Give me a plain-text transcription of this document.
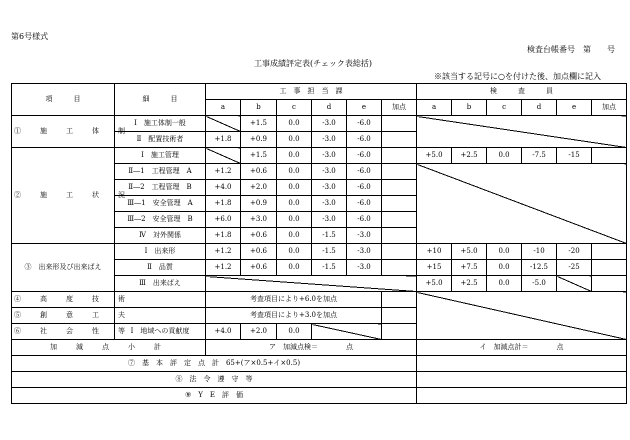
第6号様式
検査台帳番号　第　　号
工事成績評定表(チェック表総括)
※該当する記号に○を付けた後、加点欄に記入
項　　　目	細　　　目	工　事　担　当　課						検　　　査　　　員					
		a	b	c	d	e	加点	a	b	c	d	e	加点
①　施　工　体　制	Ⅰ　施工体制一般		+1.5	0.0	-3.0	-6.0							
	Ⅱ　配置技術者	+1.8	+0.9	0.0	-3.0	-6.0							
②　施　工　状　況	Ⅰ　施工管理		+1.5	0.0	-3.0	-6.0		+5.0	+2.5	0.0	-7.5	-15	
	Ⅱ―1　工程管理　A	+1.2	+0.6	0.0	-3.0	-6.0							
	Ⅱ―2　工程管理　B	+4.0	+2.0	0.0	-3.0	-6.0							
	Ⅲ―1　安全管理　A	+1.8	+0.9	0.0	-3.0	-6.0							
	Ⅲ―2　安全管理　B	+6.0	+3.0	0.0	-3.0	-6.0							
	Ⅳ　対外関係	+1.8	+0.6	0.0	-1.5	-3.0							
③　出来形及び出来ばえ	Ⅰ　出来形	+1.2	+0.6	0.0	-1.5	-3.0		+10	+5.0	0.0	-10	-20	
	Ⅱ　品質	+1.2	+0.6	0.0	-1.5	-3.0		+15	+7.5	0.0	-12.5	-25	
	Ⅲ　出来ばえ							+5.0	+2.5	0.0	-5.0		
④　高　度　技　術		考査項目により+6.0を加点											
⑤　創　意　工　夫		考査項目により+3.0を加点											
⑥　社　会　性　等	Ⅰ　地域への貢献度	+4.0	+2.0	0.0									
加　減　点　小　計		ア　加減点検＝　　　　点						イ　加減点計＝　　　　点					
⑦　基　本　評　定　点　計　65+(ア×0.5+イ×0.5)													
⑧　法　令　遵　守　等													
⑨　Y　E　評　価													
